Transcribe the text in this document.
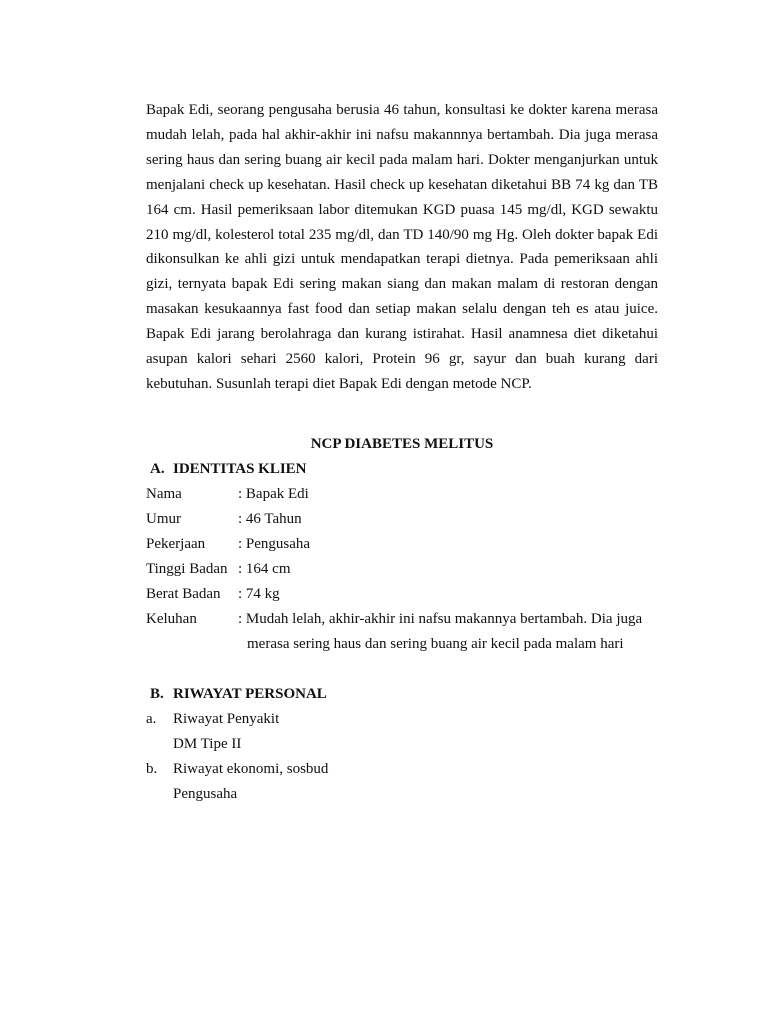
Bapak Edi, seorang pengusaha berusia 46 tahun, konsultasi ke dokter karena merasa mudah lelah, pada hal akhir-akhir ini nafsu makannnya bertambah. Dia juga merasa sering haus dan sering buang air kecil pada malam hari. Dokter menganjurkan untuk menjalani check up kesehatan. Hasil check up kesehatan diketahui BB 74 kg dan TB 164 cm. Hasil pemeriksaan labor ditemukan KGD puasa 145 mg/dl, KGD sewaktu 210 mg/dl, kolesterol total 235 mg/dl, dan TD 140/90 mg Hg. Oleh dokter bapak Edi dikonsulkan ke ahli gizi untuk mendapatkan terapi dietnya. Pada pemeriksaan ahli gizi, ternyata bapak Edi sering makan siang dan makan malam di restoran dengan masakan kesukaannya fast food dan setiap makan selalu dengan teh es atau juice. Bapak Edi jarang berolahraga dan kurang istirahat. Hasil anamnesa diet diketahui asupan kalori sehari 2560 kalori, Protein 96 gr, sayur dan buah kurang dari kebutuhan. Susunlah terapi diet Bapak Edi dengan metode NCP.

NCP DIABETES MELITUS
A. IDENTITAS KLIEN
Nama	: Bapak Edi
Umur	: 46 Tahun
Pekerjaan	: Pengusaha
Tinggi Badan : 164 cm
Berat Badan	: 74 kg
Keluhan	: Mudah lelah, akhir-akhir ini nafsu makannya bertambah. Dia juga
merasa sering haus dan sering buang air kecil pada malam hari
B. RIWAYAT PERSONAL
a.	Riwayat Penyakit
DM Tipe II
b.	Riwayat ekonomi, sosbud
Pengusaha
